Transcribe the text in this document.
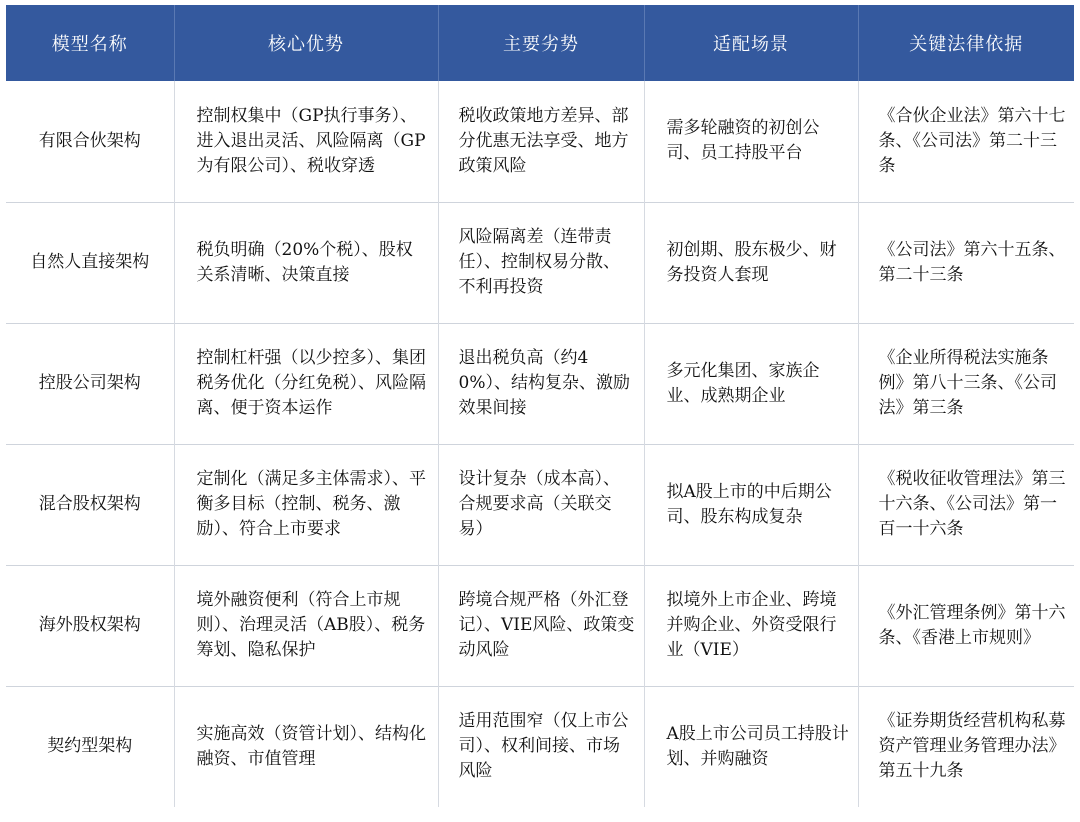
模型名称	核心优势	主要劣势	适配场景	关键法律依据
有限合伙架构	控制权集中（GP执行事务）、进入退出灵活、风险隔离（GP为有限公司）、税收穿透	税收政策地方差异、部分优惠无法享受、地方政策风险	需多轮融资的初创公司、员工持股平台	《合伙企业法》第六十七条、《公司法》第二十三条
自然人直接架构	税负明确（20%个税）、股权关系清晰、决策直接	风险隔离差（连带责任）、控制权易分散、不利再投资	初创期、股东极少、财务投资人套现	《公司法》第六十五条、第二十三条
控股公司架构	控制杠杆强（以少控多）、集团税务优化（分红免税）、风险隔离、便于资本运作	退出税负高（约40%）、结构复杂、激励效果间接	多元化集团、家族企业、成熟期企业	《企业所得税法实施条例》第八十三条、《公司法》第三条
混合股权架构	定制化（满足多主体需求）、平衡多目标（控制、税务、激励）、符合上市要求	设计复杂（成本高）、合规要求高（关联交易）	拟A股上市的中后期公司、股东构成复杂	《税收征收管理法》第三十六条、《公司法》第一百一十六条
海外股权架构	境外融资便利（符合上市规则）、治理灵活（AB股）、税务筹划、隐私保护	跨境合规严格（外汇登记）、VIE风险、政策变动风险	拟境外上市企业、跨境并购企业、外资受限行业（VIE）	《外汇管理条例》第十六条、《香港上市规则》
契约型架构	实施高效（资管计划）、结构化融资、市值管理	适用范围窄（仅上市公司）、权利间接、市场风险	A股上市公司员工持股计划、并购融资	《证券期货经营机构私募资产管理业务管理办法》第五十九条
